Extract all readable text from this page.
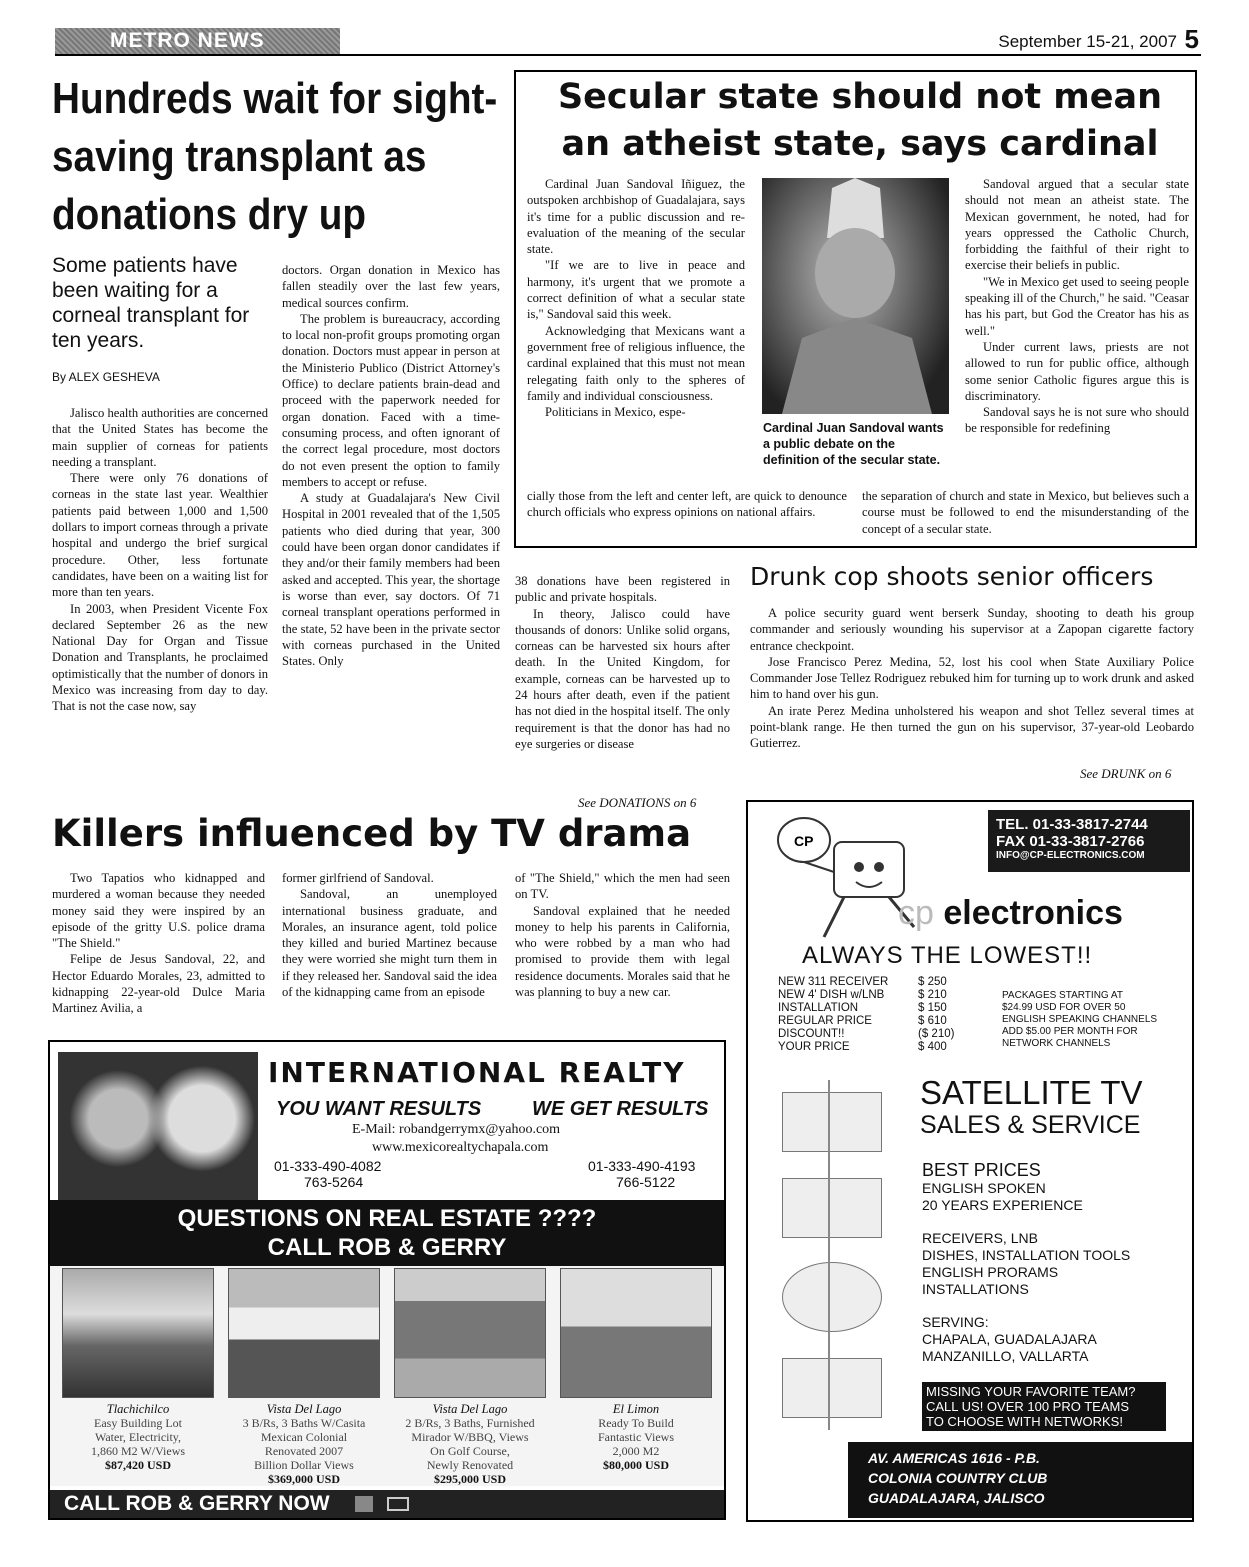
METRO NEWS	September 15-21, 2007 5
Hundreds wait for sight-saving transplant as donations dry up
Some patients have been waiting for a corneal transplant for ten years.
By ALEX GESHEVA

Jalisco health authorities are concerned that the United States has become the main supplier of corneas for patients needing a transplant.

There were only 76 donations of corneas in the state last year. Wealthier patients paid between 1,000 and 1,500 dollars to import corneas through a private hospital and undergo the brief surgical procedure. Other, less fortunate candidates, have been on a waiting list for more than ten years.

In 2003, when President Vicente Fox declared September 26 as the new National Day for Organ and Tissue Donation and Transplants, he proclaimed optimistically that the number of donors in Mexico was increasing from day to day. That is not the case now, say

doctors. Organ donation in Mexico has fallen steadily over the last few years, medical sources confirm.

The problem is bureaucracy, according to local non-profit groups promoting organ donation. Doctors must appear in person at the Ministerio Publico (District Attorney's Office) to declare patients brain-dead and proceed with the paperwork needed for organ donation. Faced with a time-consuming process, and often ignorant of the correct legal procedure, most doctors do not even present the option to family members to accept or refuse.

A study at Guadalajara's New Civil Hospital in 2001 revealed that of the 1,505 patients who died during that year, 300 could have been organ donor candidates if they and/or their family members had been asked and accepted. This year, the shortage is worse than ever, say doctors. Of 71 corneal transplant operations performed in the state, 52 have been in the private sector with corneas purchased in the United States. Only

38 donations have been registered in public and private hospitals.

In theory, Jalisco could have thousands of donors: Unlike solid organs, corneas can be harvested six hours after death. In the United Kingdom, for example, corneas can be harvested up to 24 hours after death, even if the patient has not died in the hospital itself. The only requirement is that the donor has had no eye surgeries or disease

See DONATIONS on 6
Secular state should not mean an atheist state, says cardinal

Cardinal Juan Sandoval Iñiguez, the outspoken archbishop of Guadalajara, says it's time for a public discussion and re-evaluation of the meaning of the secular state.

"If we are to live in peace and harmony, it's urgent that we promote a correct definition of what a secular state is," Sandoval said this week.

Acknowledging that Mexicans want a government free of religious influence, the cardinal explained that this must not mean relegating faith only to the spheres of family and individual consciousness.

Politicians in Mexico, espe-

Cardinal Juan Sandoval wants a public debate on the definition of the secular state.

Sandoval argued that a secular state should not mean an atheist state. The Mexican government, he noted, had for years oppressed the Catholic Church, forbidding the faithful of their right to exercise their beliefs in public.

"We in Mexico get used to seeing people speaking ill of the Church," he said. "Ceasar has his part, but God the Creator has his as well."

Under current laws, priests are not allowed to run for public office, although some senior Catholic figures argue this is discriminatory.

Sandoval says he is not sure who should be responsible for redefining

cially those from the left and center left, are quick to denounce church officials who express opinions on national affairs.

the separation of church and state in Mexico, but believes such a course must be followed to end the misunderstanding of the concept of a secular state.

Drunk cop shoots senior officers

A police security guard went berserk Sunday, shooting to death his group commander and seriously wounding his supervisor at a Zapopan cigarette factory entrance checkpoint.

Jose Francisco Perez Medina, 52, lost his cool when State Auxiliary Police Commander Jose Tellez Rodriguez rebuked him for turning up to work drunk and asked him to hand over his gun.

An irate Perez Medina unholstered his weapon and shot Tellez several times at point-blank range. He then turned the gun on his supervisor, 37-year-old Leobardo Gutierrez.

See DRUNK on 6
Killers influenced by TV drama

Two Tapatios who kidnapped and murdered a woman because they needed money said they were inspired by an episode of the gritty U.S. police drama "The Shield."

Felipe de Jesus Sandoval, 22, and Hector Eduardo Morales, 23, admitted to kidnapping 22-year-old Dulce Maria Martinez Avilia, a

former girlfriend of Sandoval.

Sandoval, an unemployed international business graduate, and Morales, an insurance agent, told police they killed and buried Martinez because they were worried she might turn them in if they released her. Sandoval said the idea of the kidnapping came from an episode

of "The Shield," which the men had seen on TV.

Sandoval explained that he needed money to help his parents in California, who were robbed by a man who had promised to provide them with legal residence documents. Morales said that he was planning to buy a new car.

INTERNATIONAL REALTY
YOU WANT RESULTS	WE GET RESULTS
E-Mail: robandgerrymx@yahoo.com
www.mexicorealtychapala.com
01-333-490-4082
763-5264
01-333-490-4193
766-5122
QUESTIONS ON REAL ESTATE ????
CALL ROB & GERRY
Tlachichilco
Easy Building Lot
Water, Electricity,
1,860 M2 W/Views
$87,420 USD
Vista Del Lago
3 B/Rs, 3 Baths W/Casita
Mexican Colonial
Renovated 2007
Billion Dollar Views
$369,000 USD
Vista Del Lago
2 B/Rs, 3 Baths, Furnished
Mirador W/BBQ, Views
On Golf Course,
Newly Renovated
$295,000 USD
El Limon
Ready To Build
Fantastic Views
2,000 M2
$80,000 USD
CALL ROB & GERRY NOW
TEL. 01-33-3817-2744
FAX 01-33-3817-2766
INFO@CP-ELECTRONICS.COM
CP
cp electronics
ALWAYS THE LOWEST!!
NEW 311 RECEIVER	$ 250
NEW 4' DISH w/LNB	$ 210
INSTALLATION	$ 150
REGULAR PRICE	$ 610
DISCOUNT!!	($ 210)
YOUR PRICE	$ 400
PACKAGES STARTING AT
$24.99 USD FOR OVER 50
ENGLISH SPEAKING CHANNELS
ADD $5.00 PER MONTH FOR
NETWORK CHANNELS
SATELLITE TV
SALES & SERVICE
BEST PRICES
ENGLISH SPOKEN
20 YEARS EXPERIENCE
RECEIVERS, LNB
DISHES, INSTALLATION TOOLS
ENGLISH PRORAMS
INSTALLATIONS
SERVING:
CHAPALA, GUADALAJARA
MANZANILLO, VALLARTA
MISSING YOUR FAVORITE TEAM?
CALL US! OVER 100 PRO TEAMS
TO CHOOSE WITH NETWORKS!
AV. AMERICAS 1616 - P.B.
COLONIA COUNTRY CLUB
GUADALAJARA, JALISCO
